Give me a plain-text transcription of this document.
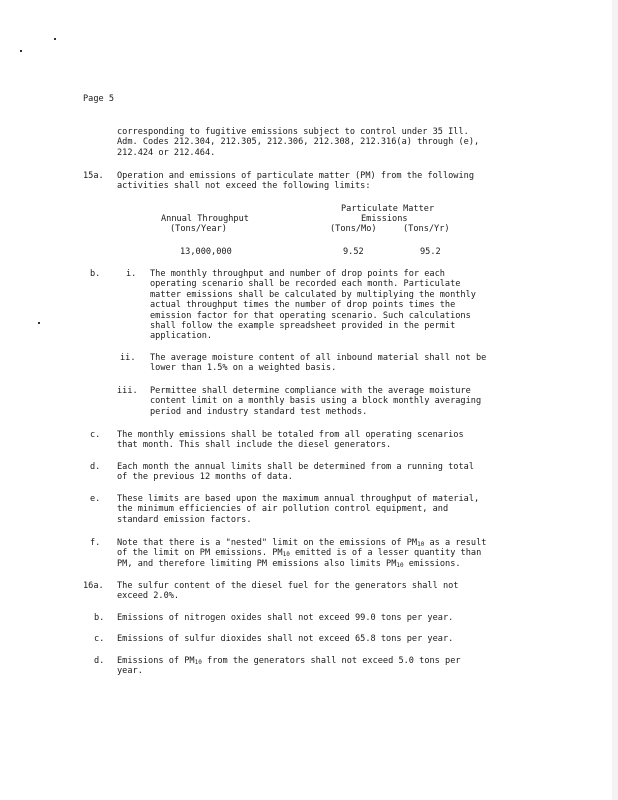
Page 5
corresponding to fugitive emissions subject to control under 35 Ill.
Adm. Codes 212.304, 212.305, 212.306, 212.308, 212.316(a) through (e),
212.424 or 212.464.
15a. Operation and emissions of particulate matter (PM) from the following
activities shall not exceed the following limits:
Particulate Matter
Emissions
Annual Throughput
(Tons/Year)	(Tons/Mo)	(Tons/Yr)
13,000,000	9.52	95.2
b.	i. The monthly throughput and number of drop points for each
operating scenario shall be recorded each month. Particulate
matter emissions shall be calculated by multiplying the monthly
actual throughput times the number of drop points times the
emission factor for that operating scenario. Such calculations
shall follow the example spreadsheet provided in the permit
application.
ii. The average moisture content of all inbound material shall not be
lower than 1.5% on a weighted basis.
iii. Permittee shall determine compliance with the average moisture
content limit on a monthly basis using a block monthly averaging
period and industry standard test methods.
c. The monthly emissions shall be totaled from all operating scenarios
that month. This shall include the diesel generators.
d. Each month the annual limits shall be determined from a running total
of the previous 12 months of data.
e. These limits are based upon the maximum annual throughput of material,
the minimum efficiencies of air pollution control equipment, and
standard emission factors.
f. Note that there is a "nested" limit on the emissions of $PM_{10}$ as a result
of the limit on PM emissions. $PM_{10}$ emitted is of a lesser quantity than
PM, and therefore limiting PM emissions also limits $PM_{10}$ emissions.
16a. The sulfur content of the diesel fuel for the generators shall not
exceed 2.0%.
b. Emissions of nitrogen oxides shall not exceed 99.0 tons per year.
c. Emissions of sulfur dioxides shall not exceed 65.8 tons per year.
d. Emissions of $PM_{10}$ from the generators shall not exceed 5.0 tons per
year.
